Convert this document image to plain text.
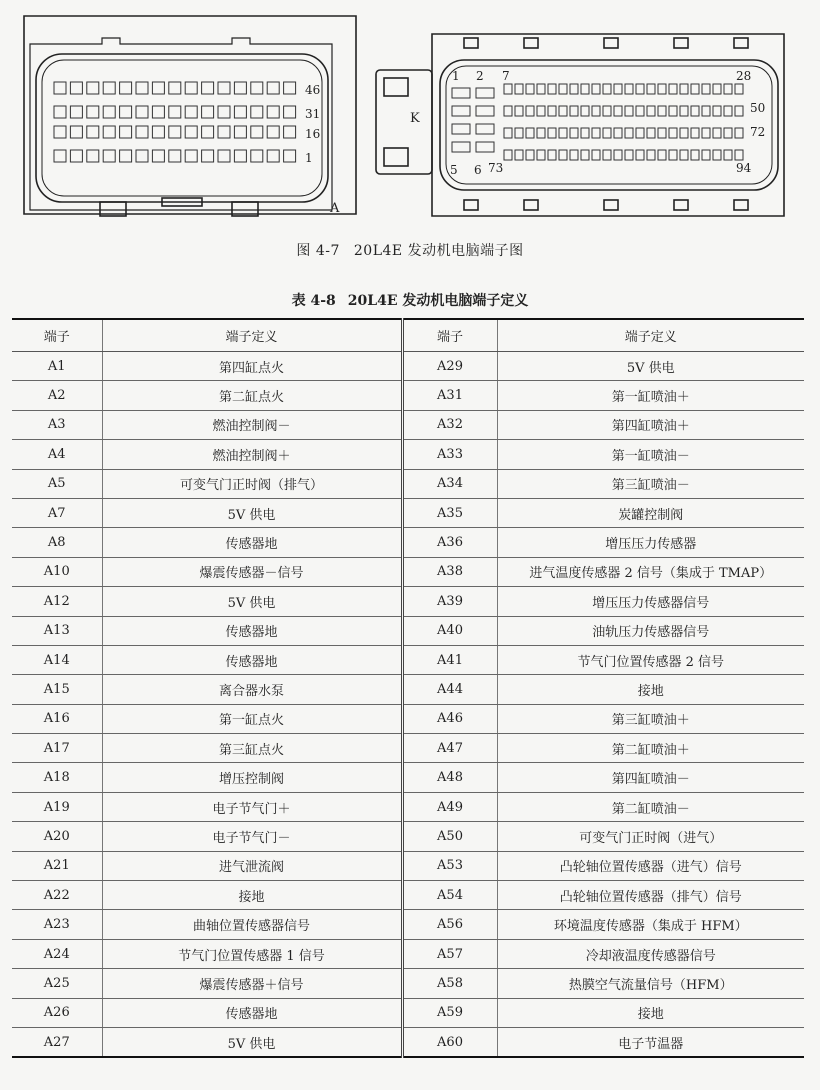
46
31
16
1
A
K
1 2 7	28
50
72
5 6 73	94
图 4-7 20L4E 发动机电脑端子图
表 4-8 20L4E 发动机电脑端子定义
端子	端子定义	端子	端子定义
A1	第四缸点火	A29	5V 供电
A2	第二缸点火	A31	第一缸喷油＋
A3	燃油控制阀－	A32	第四缸喷油＋
A4	燃油控制阀＋	A33	第一缸喷油－
A5	可变气门正时阀（排气）	A34	第三缸喷油－
A7	5V 供电	A35	炭罐控制阀
A8	传感器地	A36	增压压力传感器
A10	爆震传感器－信号	A38	进气温度传感器 2 信号（集成于 TMAP）
A12	5V 供电	A39	增压压力传感器信号
A13	传感器地	A40	油轨压力传感器信号
A14	传感器地	A41	节气门位置传感器 2 信号
A15	离合器水泵	A44	接地
A16	第一缸点火	A46	第三缸喷油＋
A17	第三缸点火	A47	第二缸喷油＋
A18	增压控制阀	A48	第四缸喷油－
A19	电子节气门＋	A49	第二缸喷油－
A20	电子节气门－	A50	可变气门正时阀（进气）
A21	进气泄流阀	A53	凸轮轴位置传感器（进气）信号
A22	接地	A54	凸轮轴位置传感器（排气）信号
A23	曲轴位置传感器信号	A56	环境温度传感器（集成于 HFM）
A24	节气门位置传感器 1 信号	A57	冷却液温度传感器信号
A25	爆震传感器＋信号	A58	热膜空气流量信号（HFM）
A26	传感器地	A59	接地
A27	5V 供电	A60	电子节温器
